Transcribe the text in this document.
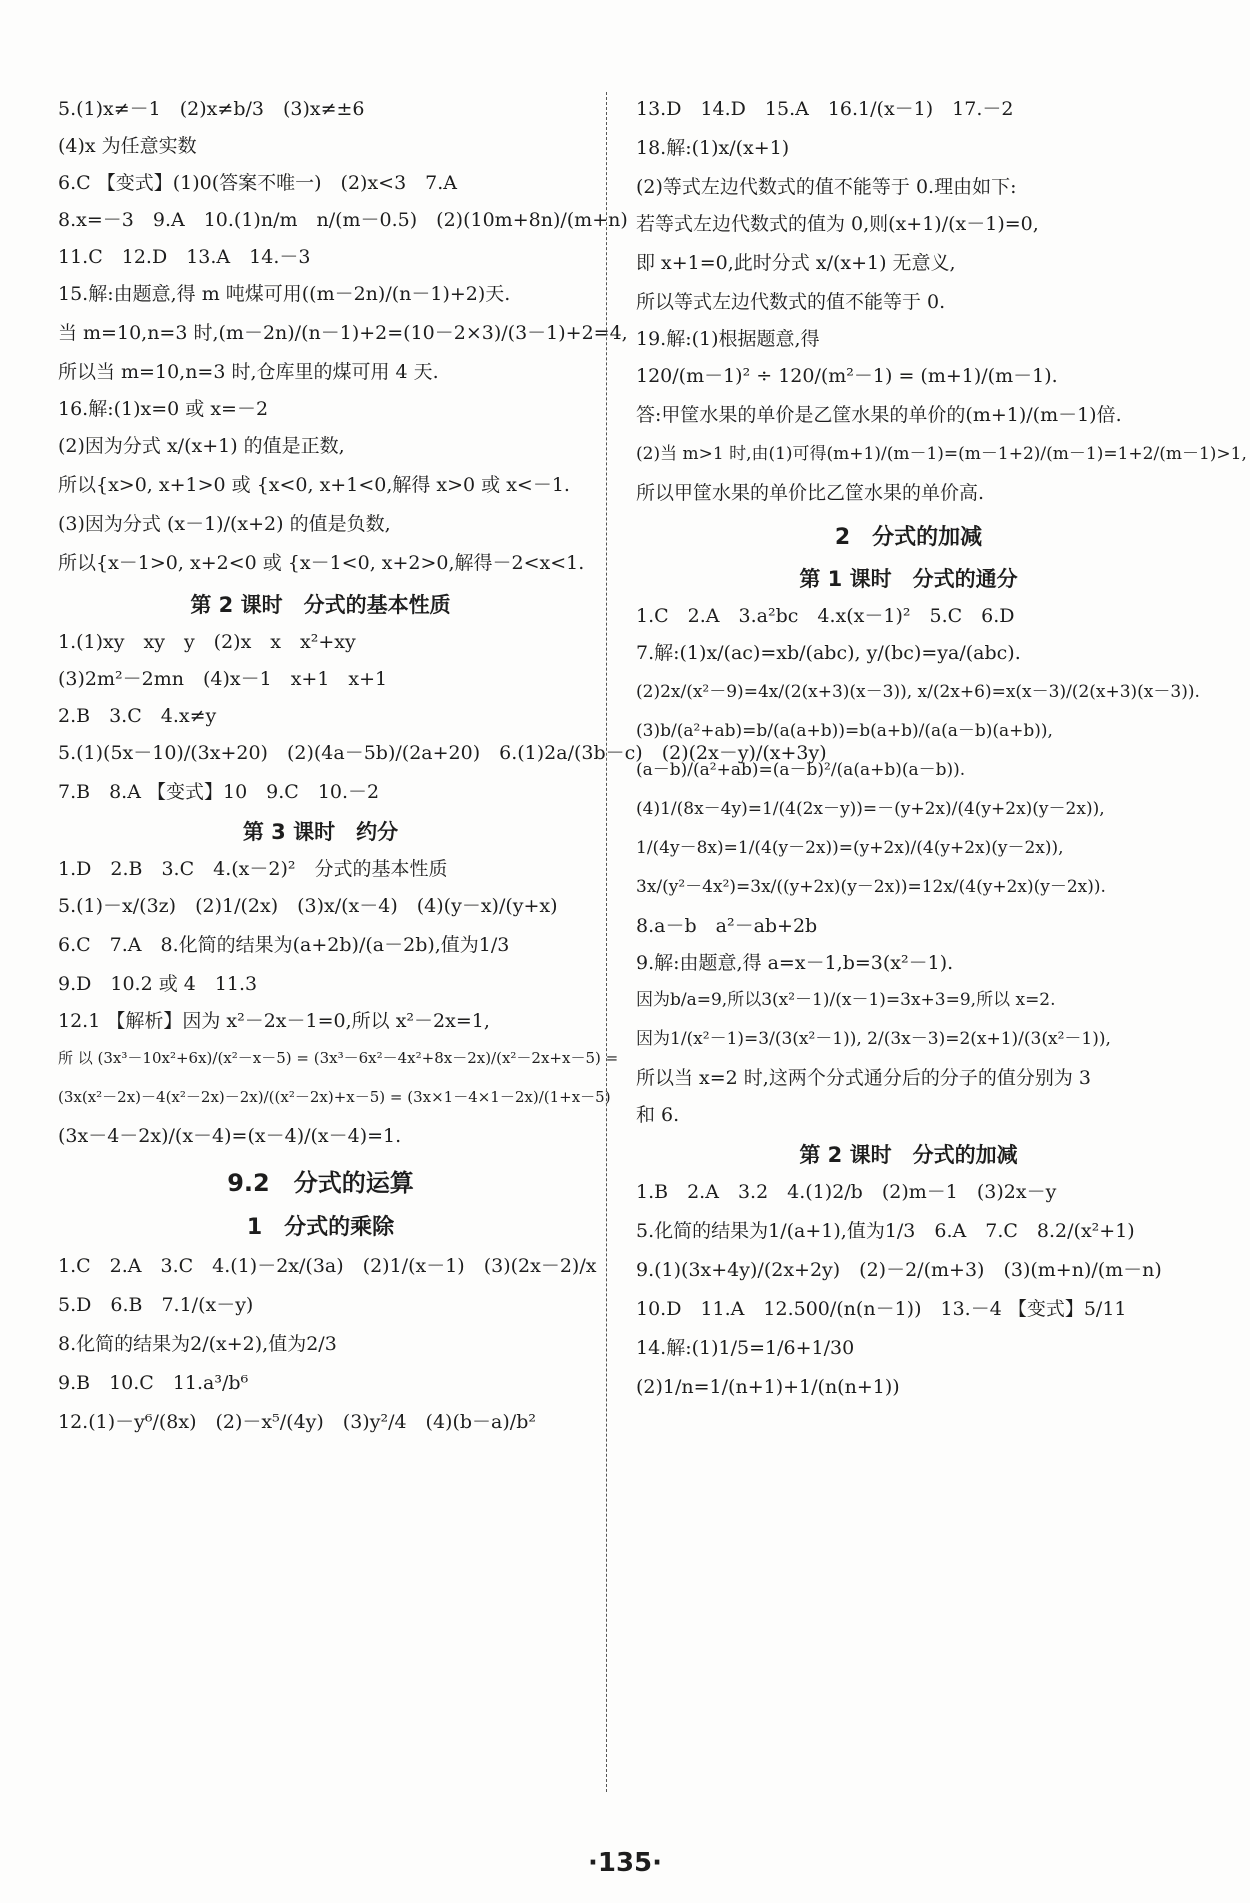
5.(1)x≠－1　(2)x≠b/3　(3)x≠±6
(4)x 为任意实数
6.C 【变式】(1)0(答案不唯一)　(2)x<3　7.A
8.x=－3　9.A　10.(1)n/m　n/(m－0.5)　(2)(10m+8n)/(m+n)
11.C　12.D　13.A　14.－3
15.解:由题意,得 m 吨煤可用((m－2n)/(n－1)+2)天.
当 m=10,n=3 时,(m－2n)/(n－1)+2=(10－2×3)/(3－1)+2=4,
所以当 m=10,n=3 时,仓库里的煤可用 4 天.
16.解:(1)x=0 或 x=－2
(2)因为分式 x/(x+1) 的值是正数,
所以{x>0, x+1>0 或 {x<0, x+1<0,解得 x>0 或 x<－1.
(3)因为分式 (x－1)/(x+2) 的值是负数,
所以{x－1>0, x+2<0 或 {x－1<0, x+2>0,解得－2<x<1.
第 2 课时　分式的基本性质
1.(1)xy　xy　y　(2)x　x　x²+xy
(3)2m²－2mn　(4)x－1　x+1　x+1
2.B　3.C　4.x≠y
5.(1)(5x－10)/(3x+20)　(2)(4a－5b)/(2a+20)　6.(1)2a/(3b－c)　(2)(2x－y)/(x+3y)
7.B　8.A 【变式】10　9.C　10.－2
第 3 课时　约分
1.D　2.B　3.C　4.(x－2)²　分式的基本性质
5.(1)－x/(3z)　(2)1/(2x)　(3)x/(x－4)　(4)(y－x)/(y+x)
6.C　7.A　8.化简的结果为(a+2b)/(a－2b),值为1/3
9.D　10.2 或 4　11.3
12.1 【解析】因为 x²－2x－1=0,所以 x²－2x=1,
所 以 (3x³－10x²+6x)/(x²－x－5) = (3x³－6x²－4x²+8x－2x)/(x²－2x+x－5) =
(3x(x²－2x)－4(x²－2x)－2x)/((x²－2x)+x－5) = (3x×1－4×1－2x)/(1+x－5)
(3x－4－2x)/(x－4)=(x－4)/(x－4)=1.
9.2　分式的运算
1　分式的乘除
1.C　2.A　3.C　4.(1)－2x/(3a)　(2)1/(x－1)　(3)(2x－2)/x
5.D　6.B　7.1/(x－y)
8.化简的结果为2/(x+2),值为2/3
9.B　10.C　11.a³/b⁶
12.(1)－y⁶/(8x)　(2)－x⁵/(4y)　(3)y²/4　(4)(b－a)/b²
13.D　14.D　15.A　16.1/(x－1)　17.－2
18.解:(1)x/(x+1)
(2)等式左边代数式的值不能等于 0.理由如下:
若等式左边代数式的值为 0,则(x+1)/(x－1)=0,
即 x+1=0,此时分式 x/(x+1) 无意义,
所以等式左边代数式的值不能等于 0.
19.解:(1)根据题意,得
120/(m－1)² ÷ 120/(m²－1) = (m+1)/(m－1).
答:甲筐水果的单价是乙筐水果的单价的(m+1)/(m－1)倍.
(2)当 m>1 时,由(1)可得(m+1)/(m－1)=(m－1+2)/(m－1)=1+2/(m－1)>1,
所以甲筐水果的单价比乙筐水果的单价高.
2　分式的加减
第 1 课时　分式的通分
1.C　2.A　3.a²bc　4.x(x－1)²　5.C　6.D
7.解:(1)x/(ac)=xb/(abc), y/(bc)=ya/(abc).
(2)2x/(x²－9)=4x/(2(x+3)(x－3)), x/(2x+6)=x(x－3)/(2(x+3)(x－3)).
(3)b/(a²+ab)=b/(a(a+b))=b(a+b)/(a(a－b)(a+b)),
(a－b)/(a²+ab)=(a－b)²/(a(a+b)(a－b)).
(4)1/(8x－4y)=1/(4(2x－y))=－(y+2x)/(4(y+2x)(y－2x)),
1/(4y－8x)=1/(4(y－2x))=(y+2x)/(4(y+2x)(y－2x)),
3x/(y²－4x²)=3x/((y+2x)(y－2x))=12x/(4(y+2x)(y－2x)).
8.a－b　a²－ab+2b
9.解:由题意,得 a=x－1,b=3(x²－1).
因为b/a=9,所以3(x²－1)/(x－1)=3x+3=9,所以 x=2.
因为1/(x²－1)=3/(3(x²－1)), 2/(3x－3)=2(x+1)/(3(x²－1)),
所以当 x=2 时,这两个分式通分后的分子的值分别为 3
和 6.
第 2 课时　分式的加减
1.B　2.A　3.2　4.(1)2/b　(2)m－1　(3)2x－y
5.化简的结果为1/(a+1),值为1/3　6.A　7.C　8.2/(x²+1)
9.(1)(3x+4y)/(2x+2y)　(2)－2/(m+3)　(3)(m+n)/(m－n)
10.D　11.A　12.500/(n(n－1))　13.－4 【变式】5/11
14.解:(1)1/5=1/6+1/30
(2)1/n=1/(n+1)+1/(n(n+1))
·135·
